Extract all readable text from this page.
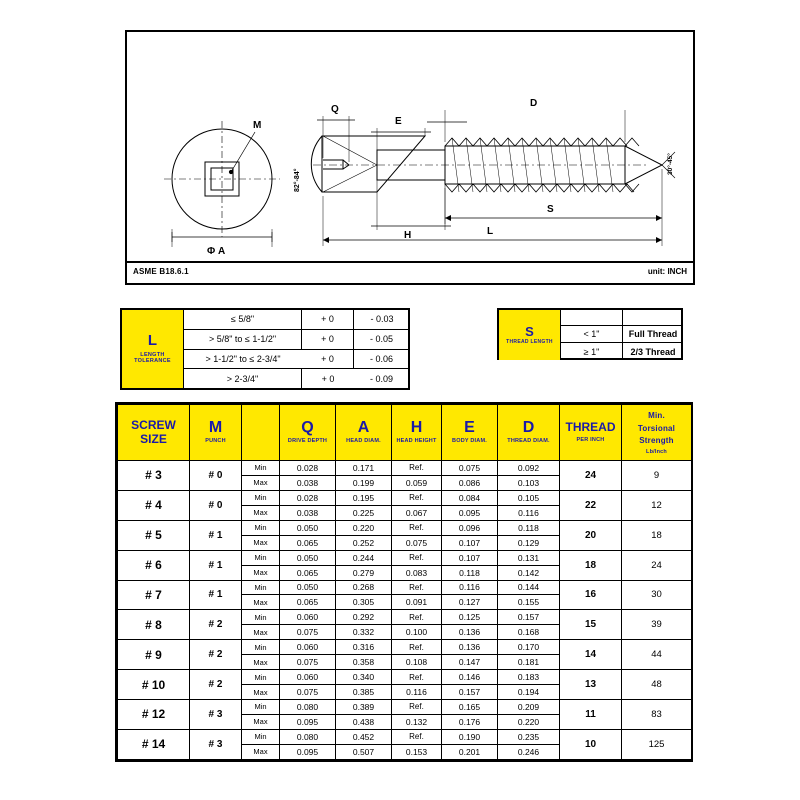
M
Q
E
D
Φ A
H
S
L
82°-84°
30°-45°
ASME B18.6.1	unit: INCH
L
LENGTH TOLERANCE
≤ 5/8"	+ 0	- 0.03
> 5/8" to ≤ 1-1/2"	+ 0	- 0.05
> 1-1/2" to ≤ 2-3/4"	+ 0	- 0.06
> 2-3/4"	+ 0	- 0.09
S
THREAD LENGTH
< 1"	Full Thread
≥ 1"	2/3 Thread
SCREW
SIZE

M
PUNCH

Q
DRIVE DEPTH

A
HEAD DIAM.

H
HEAD HEIGHT

E
BODY DIAM.

D
THREAD DIAM.

THREAD
PER INCH

Min.
Torsional
Strength
Lb/Inch

# 3	# 0	Min	0.028	0.171	Ref.	0.075	0.092	24	9
		Max	0.038	0.199	0.059	0.086	0.103		
# 4	# 0	Min	0.028	0.195	Ref.	0.084	0.105	22	12
		Max	0.038	0.225	0.067	0.095	0.116		
# 5	# 1	Min	0.050	0.220	Ref.	0.096	0.118	20	18
		Max	0.065	0.252	0.075	0.107	0.129		
# 6	# 1	Min	0.050	0.244	Ref.	0.107	0.131	18	24
		Max	0.065	0.279	0.083	0.118	0.142		
# 7	# 1	Min	0.050	0.268	Ref.	0.116	0.144	16	30
		Max	0.065	0.305	0.091	0.127	0.155		
# 8	# 2	Min	0.060	0.292	Ref.	0.125	0.157	15	39
		Max	0.075	0.332	0.100	0.136	0.168		
# 9	# 2	Min	0.060	0.316	Ref.	0.136	0.170	14	44
		Max	0.075	0.358	0.108	0.147	0.181		
# 10	# 2	Min	0.060	0.340	Ref.	0.146	0.183	13	48
		Max	0.075	0.385	0.116	0.157	0.194		
# 12	# 3	Min	0.080	0.389	Ref.	0.165	0.209	11	83
		Max	0.095	0.438	0.132	0.176	0.220		
# 14	# 3	Min	0.080	0.452	Ref.	0.190	0.235	10	125
		Max	0.095	0.507	0.153	0.201	0.246		
